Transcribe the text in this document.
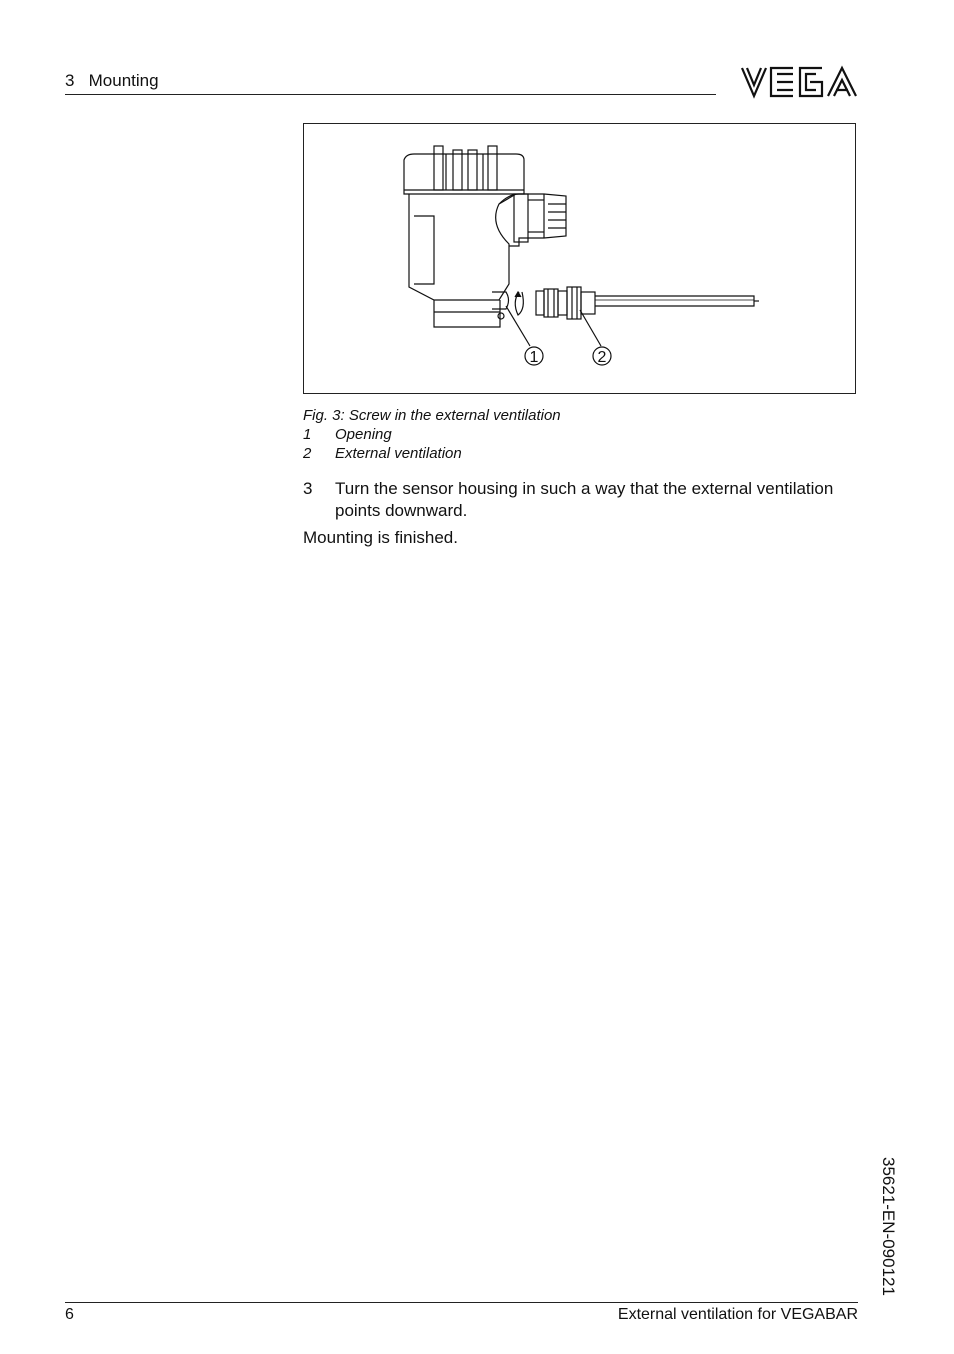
3   Mounting
1	2
Fig. 3: Screw in the external ventilation
1 Opening
2 External ventilation
3	Turn the sensor housing in such a way that the external ventilation points downward.
Mounting is finished.
35621-EN-090121
6	External ventilation for VEGABAR
